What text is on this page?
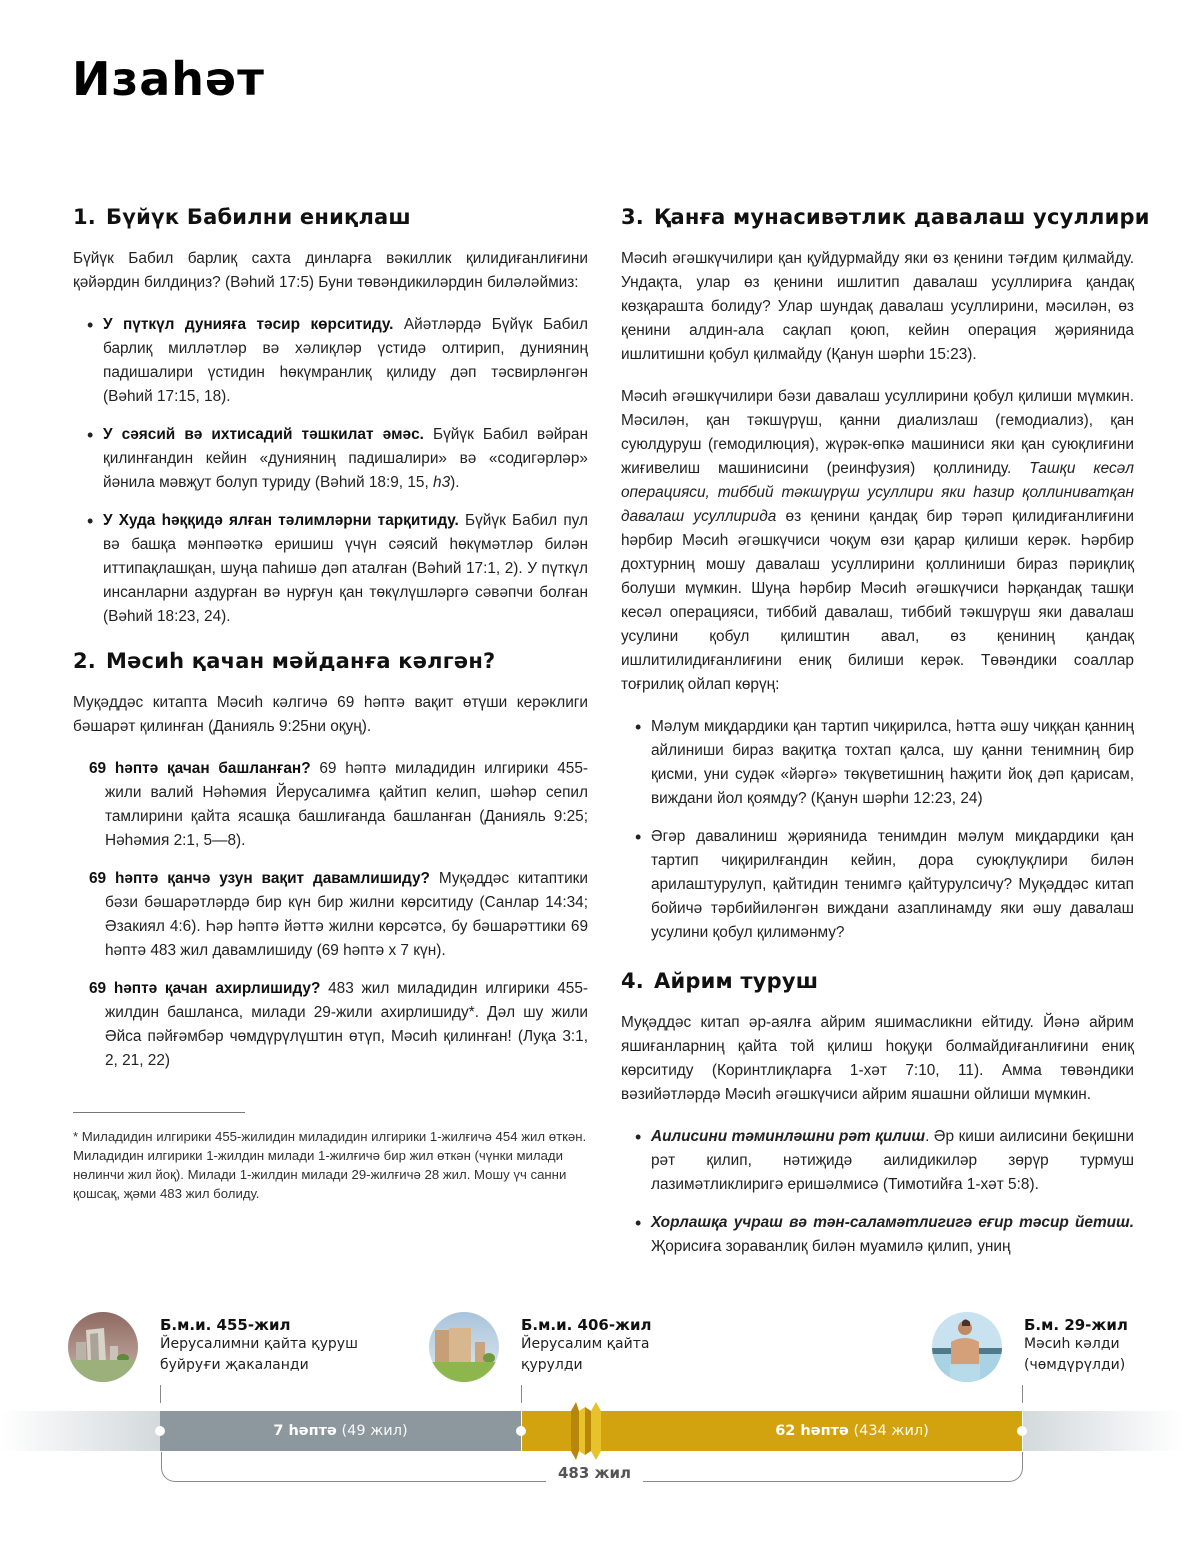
Изаһәт
1. Бүйүк Бабилни ениқлаш

Бүйүк Бабил барлиқ сахта динларға вәкиллик қилидиғанлиғини қәйәрдин билдиңиз? (Вәһий 17:5) Буни төвәндикиләрдин биләләймиз:

• У пүткүл дунияға тәсир көрситиду. Айәтләрдә Бүйүк Бабил барлиқ милләтләр вә хәлиқләр үстидә олтирип, дунияниң падишалири үстидин һөкүмранлиқ қилиду дәп тәсвирләнгән (Вәһий 17:15, 18).
• У сәясий вә ихтисадий тәшкилат әмәс. Бүйүк Бабил вәйран қилинғандин кейин «дунияниң падишалири» вә «содигәрләр» йәнила мәвҗут болуп туриду (Вәһий 18:9, 15, һ3).
• У Худа һәққидә ялған тәлимләрни тарқитиду. Бүйүк Бабил пул вә башқа мәнпәәткә еришиш үчүн сәясий һөкүмәтләр билән иттипақлашқан, шуңа паһишә дәп аталған (Вәһий 17:1, 2). У пүткүл инсанларни аздурған вә нурғун қан төкүлүшләргә сәвәпчи болған (Вәһий 18:23, 24).
2. Мәсиһ қачан мәйданға кәлгән?

Муқәддәс китапта Мәсиһ кәлгичә 69 һәптә вақит өтүши керәклиги бәшарәт қилинған (Данияль 9:25ни оқуң).

69 һәптә қачан башланған? 69 һәптә миладидин илгирики 455-жили валий Нәһәмия Йерусалимға қайтип келип, шәһәр сепил тамлирини қайта ясашқа башлиғанда башланған (Данияль 9:25; Нәһәмия 2:1, 5—8).

69 һәптә қанчә узун вақит давамлишиду? Муқәддәс китаптики бәзи бәшарәтләрдә бир күн бир жилни көрситиду (Санлар 14:34; Әзакиял 4:6). Һәр һәптә йәттә жилни көрсәтсә, бу бәшарәттики 69 һәптә 483 жил давамлишиду (69 һәптә х 7 күн).

69 һәптә қачан ахирлишиду? 483 жил миладидин илгирики 455-жилдин башланса, милади 29-жили ахирлишиду*. Дәл шу жили Әйса пәйғәмбәр чөмдүрүлүштин өтүп, Мәсиһ қилинған! (Луқа 3:1, 2, 21, 22)

* Миладидин илгирики 455-жилидин миладидин илгирики 1-жилғичә 454 жил өткән. Миладидин илгирики 1-жилдин милади 1-жилғичә бир жил өткән (чүнки милади нөлинчи жил йоқ). Милади 1-жилдин милади 29-жилғичә 28 жил. Мошу үч санни қошсақ, җәми 483 жил болиду.
3. Қанға мунасивәтлик давалаш усуллири

Мәсиһ әгәшкүчилири қан қуйдурмайду яки өз қенини тәғдим қилмайду. Ундақта, улар өз қенини ишлитип давалаш усуллириға қандақ көзқараштa болиду? Улар шундақ давалаш усуллирини, мәсилән, өз қенини алдин-ала сақлап қоюп, кейин операция җәриянида ишлитишни қобул қилмайду (Қанун шәрһи 15:23).

Мәсиһ әгәшкүчилири бәзи давалаш усуллирини қобул қилиши мүмкин. Мәсилән, қан тәкшүрүш, қанни диализлаш (гемодиализ), қан суюлдуруш (гемодилюция), жүрәк-өпкә машиниси яки қан суюқлиғини жиғивелиш машинисини (реинфузия) қоллиниду. Ташқи кесәл операцияси, тиббий тәкшүрүш усуллири яки һазир қоллиниватқан давалаш усуллирида өз қенини қандақ бир тәрәп қилидиғанлиғини һәрбир Мәсиһ әгәшкүчиси чоқум өзи қарар қилиши керәк. Һәрбир дохтурниң мошу давалаш усуллирини қоллиниши бираз пәриқлиқ болуши мүмкин. Шуңа һәрбир Мәсиһ әгәшкүчиси һәрқандақ ташқи кесәл операцияси, тиббий давалаш, тиббий тәкшүрүш яки давалаш усулини қобул қилиштин авал, өз қениниң қандақ ишлитилидиғанлиғини ениқ билиши керәк. Төвәндики соаллар тоғрилиқ ойлап көрүң:

• Мәлум миқдардики қан тартип чиқирилса, һәтта әшу чиққан қанниң айлиниши бираз вақитқа тохтап қалса, шу қанни тенимниң бир қисми, уни судәк «йәргә» төкүветишниң һаҗити йоқ дәп қарисам, виждани йол қоямду? (Қанун шәрһи 12:23, 24)
• Әгәр давалиниш җәриянида тенимдин мәлум миқдардики қан тартип чиқирилғандин кейин, дора суюқлуқлири билән арилаштурулуп, қайтидин тенимгә қайтурулсичу? Муқәддәс китап бойичә тәрбийиләнгән виждани азаплинамду яки әшу давалаш усулини қобул қилимәнму?
4. Айрим туруш

Муқәддәс китап әр-аялға айрим яшимасликни ейтиду. Йәнә айрим яшиғанларниң қайта той қилиш һоқуқи болмайдиғанлиғини ениқ көрситиду (Коринтлиқларға 1-хәт 7:10, 11). Амма төвәндики вәзийәтләрдә Мәсиһ әгәшкүчиси айрим яшашни ойлиши мүмкин.

• Аилисини тәминләшни рәт қилиш. Әр киши аилисини беқишни рәт қилип, нәтиҗидә аилидикиләр зөрүр турмуш лазимәтликлиригә еришәлмисә (Тимотийға 1-хәт 5:8).
• Хорлашқа учраш вә тән-саламәтлигигә еғир тәсир йетиш. Җорисиға зораванлиқ билән муамилә қилип, униң
Б.м.и. 455-жил
Йерусалимни қайта қуруш
буйруғи җакаланди
Б.м.и. 406-жил
Йерусалим қайта
қурулди
Б.м. 29-жил
Мәсиһ кәлди
(чөмдүрүлди)
7 һәптә (49 жил)	62 һәптә (434 жил)
483 жил
